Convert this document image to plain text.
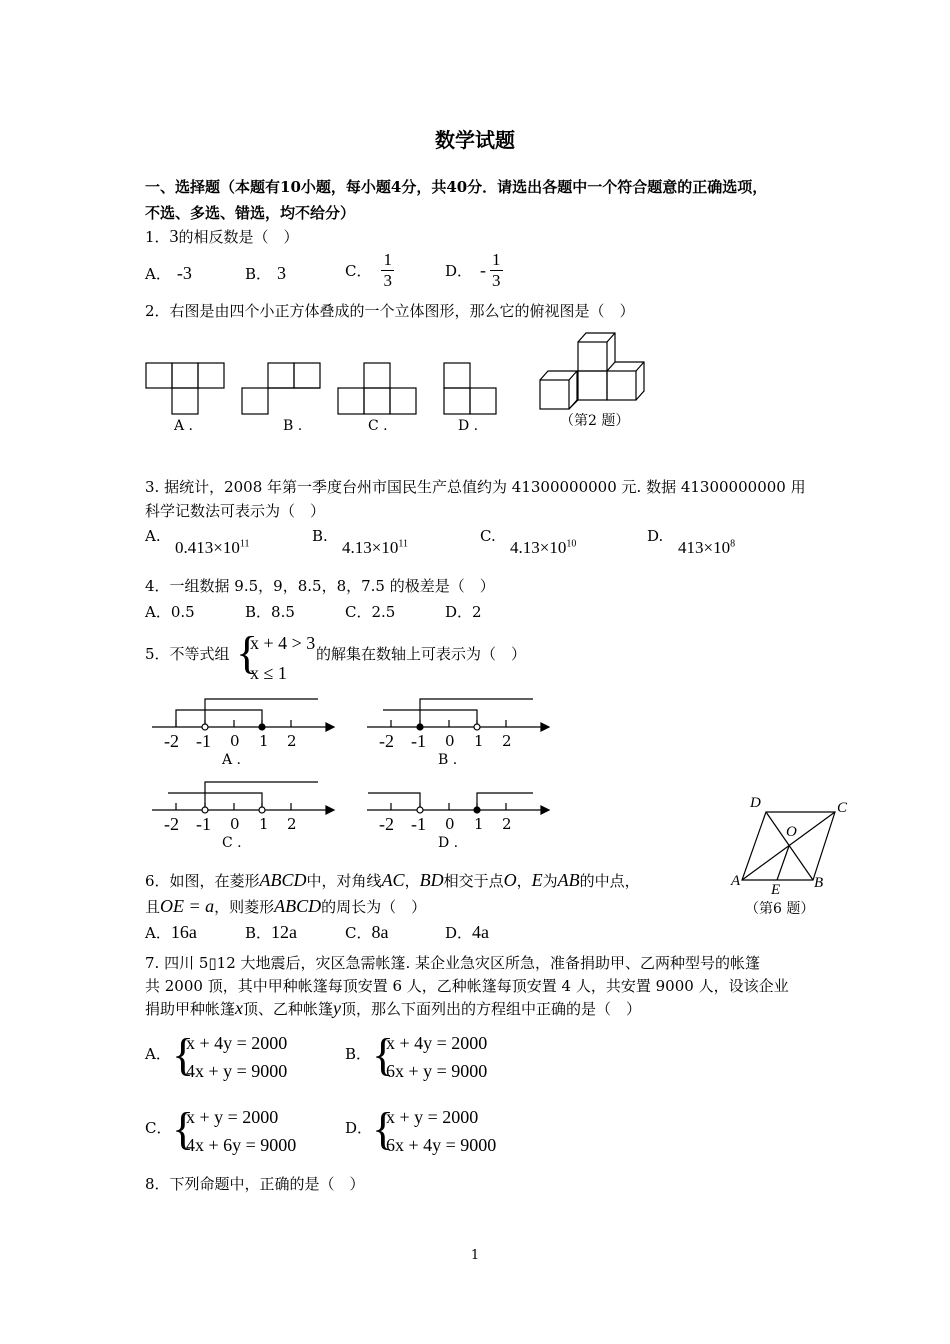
数学试题
一、选择题（本题有10小题，每小题4分，共40分．请选出各题中一个符合题意的正确选项，
不选、多选、错选，均不给分）
1．3的相反数是（　）
A． -3	B． 3	C． $\frac{1}{3}$	D． - $\frac{1}{3}$
2．右图是由四个小正方体叠成的一个立体图形，那么它的俯视图是（　）
A .	B .	C .	D .	（第2 题）
3. 据统计，2008 年第一季度台州市国民生产总值约为 41300000000 元. 数据 41300000000 用
科学记数法可表示为（　）
A.
$0.413\times 10^{11}$	B.
$4.13\times 10^{11}$	C.
$4.13\times 10^{10}$	D.
$413\times 10^8$
4．一组数据 9.5，9，8.5，8，7.5 的极差是（　）
A．0.5	B．8.5	C．2.5	D．2
5．不等式组 {
x + 4 > 3
x ≤ 1
的解集在数轴上可表示为（　）
-2 -1 0 1 2
A .
-2 -1 0 1 2
B .
-2 -1 0 1 2
C .
-2 -1 0 1 2
D .
D	C
O
A	B
E
（第6 题）
6．如图，在菱形ABCD中，对角线AC，BD相交于点O，E为AB的中点，
且OE = a，则菱形ABCD的周长为（　）
A．16a	B．12a	C．8a	D．4a
7. 四川 5▯12 大地震后，灾区急需帐篷. 某企业急灾区所急，准备捐助甲、乙两种型号的帐篷
共 2000 顶，其中甲种帐篷每顶安置 6 人，乙种帐篷每顶安置 4 人，共安置 9000 人，设该企业
捐助甲种帐篷x顶、乙种帐篷y顶，那么下面列出的方程组中正确的是（　）
A． {
x + 4y = 2000
4x + y = 9000
B． {
x + 4y = 2000
6x + y = 9000
C． {
x + y = 2000
4x + 6y = 9000
D． {
x + y = 2000
6x + 4y = 9000
8．下列命题中，正确的是（　）
1
